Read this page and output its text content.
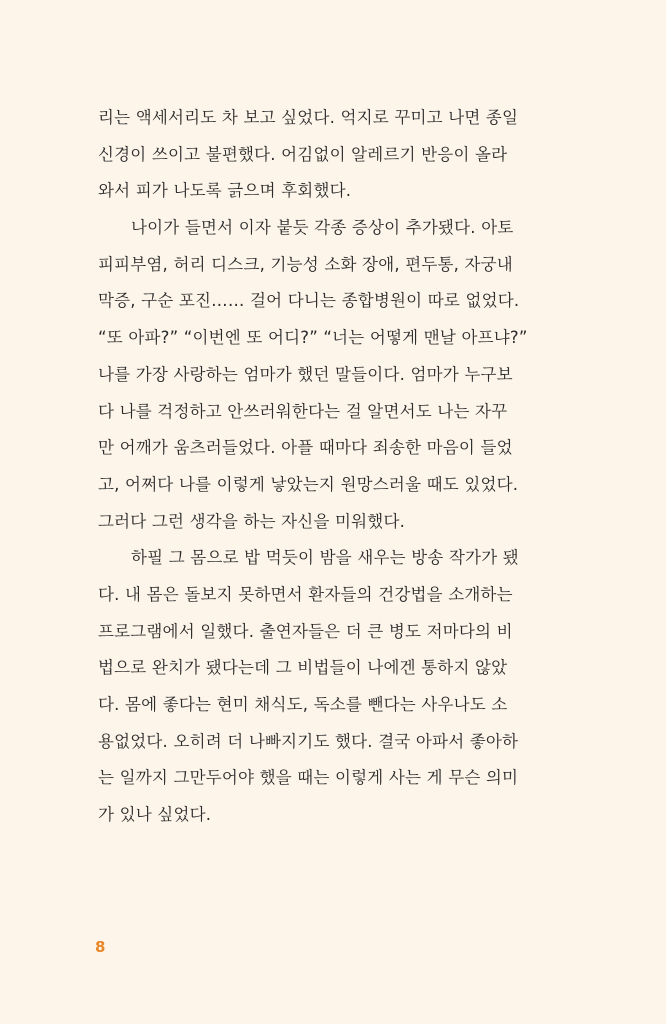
리는 액세서리도 차 보고 싶었다. 억지로 꾸미고 나면 종일
신경이 쓰이고 불편했다. 어김없이 알레르기 반응이 올라
와서 피가 나도록 긁으며 후회했다.
나이가 들면서 이자 붙듯 각종 증상이 추가됐다. 아토
피피부염, 허리 디스크, 기능성 소화 장애, 편두통, 자궁내
막증, 구순 포진…… 걸어 다니는 종합병원이 따로 없었다.
“또 아파?” “이번엔 또 어디?” “너는 어떻게 맨날 아프냐?”
나를 가장 사랑하는 엄마가 했던 말들이다. 엄마가 누구보
다 나를 걱정하고 안쓰러워한다는 걸 알면서도 나는 자꾸
만 어깨가 움츠러들었다. 아플 때마다 죄송한 마음이 들었
고, 어쩌다 나를 이렇게 낳았는지 원망스러울 때도 있었다.
그러다 그런 생각을 하는 자신을 미워했다.
하필 그 몸으로 밥 먹듯이 밤을 새우는 방송 작가가 됐
다. 내 몸은 돌보지 못하면서 환자들의 건강법을 소개하는
프로그램에서 일했다. 출연자들은 더 큰 병도 저마다의 비
법으로 완치가 됐다는데 그 비법들이 나에겐 통하지 않았
다. 몸에 좋다는 현미 채식도, 독소를 뺀다는 사우나도 소
용없었다. 오히려 더 나빠지기도 했다. 결국 아파서 좋아하
는 일까지 그만두어야 했을 때는 이렇게 사는 게 무슨 의미
가 있나 싶었다.
8
